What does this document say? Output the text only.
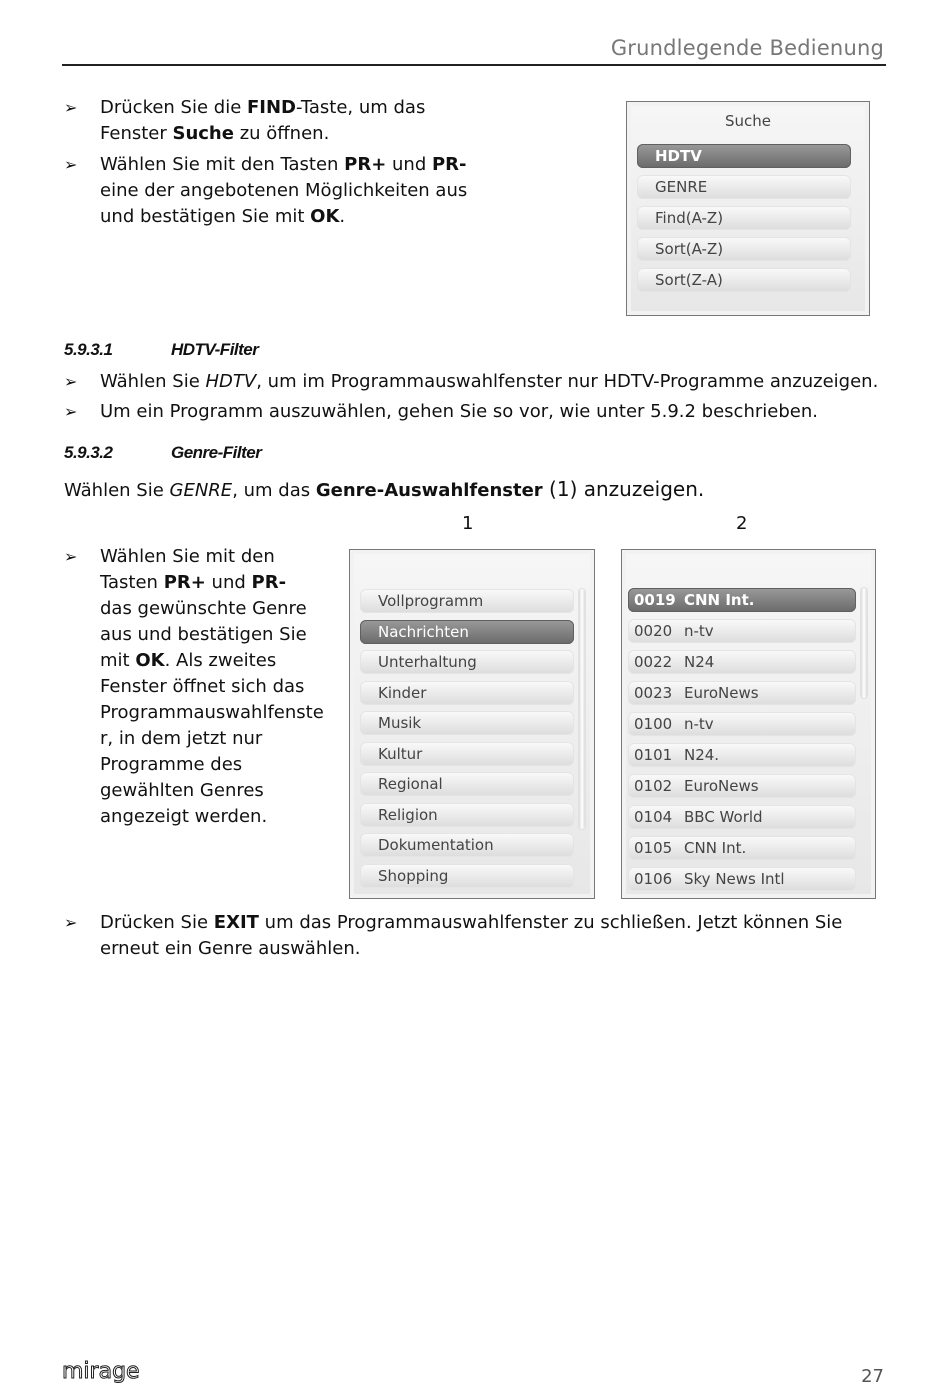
Grundlegende Bedienung
➢ Drücken Sie die FIND-Taste, um das
Fenster Suche zu öffnen.
➢ Wählen Sie mit den Tasten PR+ und PR-
eine der angebotenen Möglichkeiten aus
und bestätigen Sie mit OK.
Suche
HDTV
GENRE
Find(A-Z)
Sort(A-Z)
Sort(Z-A)
5.9.3.1	HDTV-Filter
➢ Wählen Sie HDTV, um im Programmauswahlfenster nur HDTV-Programme anzuzeigen.
➢ Um ein Programm auszuwählen, gehen Sie so vor, wie unter 5.9.2 beschrieben.
5.9.3.2	Genre-Filter
Wählen Sie GENRE, um das Genre-Auswahlfenster (1) anzuzeigen.
1	2
➢ Wählen Sie mit den
Tasten PR+ und PR-
das gewünschte Genre
aus und bestätigen Sie
mit OK. Als zweites
Fenster öffnet sich das
Programmauswahlfenste
r, in dem jetzt nur
Programme des
gewählten Genres
angezeigt werden.
Vollprogramm
Nachrichten
Unterhaltung
Kinder
Musik
Kultur
Regional
Religion
Dokumentation
Shopping
0019 CNN Int.
0020 n-tv
0022 N24
0023 EuroNews
0100 n-tv
0101 N24.
0102 EuroNews
0104 BBC World
0105 CNN Int.
0106 Sky News Intl
➢ Drücken Sie EXIT um das Programmauswahlfenster zu schließen. Jetzt können Sie
erneut ein Genre auswählen.
mirage	27
